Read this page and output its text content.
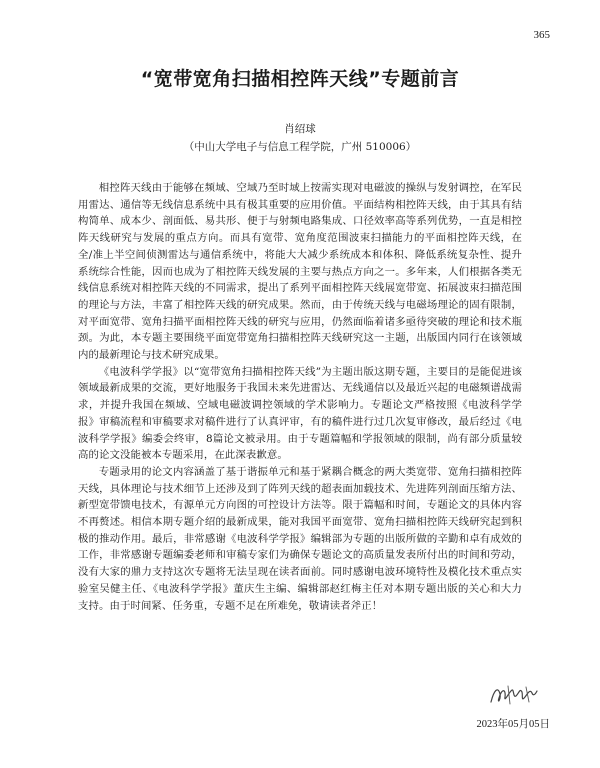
365
“宽带宽角扫描相控阵天线”专题前言
肖绍球
（中山大学电子与信息工程学院，广州 510006）

相控阵天线由于能够在频域、空域乃至时域上按需实现对电磁波的操纵与发射调控，在军民用雷达、通信等无线信息系统中具有极其重要的应用价值。平面结构相控阵天线，由于其具有结构简单、成本少、剖面低、易共形、便于与射频电路集成、口径效率高等系列优势，一直是相控阵天线研究与发展的重点方向。而具有宽带、宽角度范围波束扫描能力的平面相控阵天线，在全/准上半空间侦测雷达与通信系统中，将能大大减少系统成本和体积、降低系统复杂性、提升系统综合性能，因而也成为了相控阵天线发展的主要与热点方向之一。多年来，人们根据各类无线信息系统对相控阵天线的不同需求，提出了系列平面相控阵天线展宽带宽、拓展波束扫描范围的理论与方法，丰富了相控阵天线的研究成果。然而，由于传统天线与电磁场理论的固有限制，对平面宽带、宽角扫描平面相控阵天线的研究与应用，仍然面临着诸多亟待突破的理论和技术瓶颈。为此，本专题主要围绕平面宽带宽角扫描相控阵天线研究这一主题，出版国内同行在该领域内的最新理论与技术研究成果。

《电波科学学报》以“宽带宽角扫描相控阵天线”为主题出版这期专题，主要目的是能促进该领域最新成果的交流，更好地服务于我国未来先进雷达、无线通信以及最近兴起的电磁频谱战需求，并提升我国在频域、空域电磁波调控领域的学术影响力。专题论文严格按照《电波科学学报》审稿流程和审稿要求对稿件进行了认真评审，有的稿件进行过几次复审修改，最后经过《电波科学学报》编委会终审，8篇论文被录用。由于专题篇幅和学报领域的限制，尚有部分质量较高的论文没能被本专题采用，在此深表歉意。

专题录用的论文内容涵盖了基于谐振单元和基于紧耦合概念的两大类宽带、宽角扫描相控阵天线，具体理论与技术细节上还涉及到了阵列天线的超表面加载技术、先进阵列剖面压缩方法、新型宽带馈电技术，有源单元方向图的可控设计方法等。限于篇幅和时间，专题论文的具体内容不再赘述。相信本期专题介绍的最新成果，能对我国平面宽带、宽角扫描相控阵天线研究起到积极的推动作用。最后，非常感谢《电波科学学报》编辑部为专题的出版所做的辛勤和卓有成效的工作，非常感谢专题编委老师和审稿专家们为确保专题论文的高质量发表所付出的时间和劳动，没有大家的鼎力支持这次专题将无法呈现在读者面前。同时感谢电波环境特性及模化技术重点实验室吴健主任、《电波科学学报》董庆生主编、编辑部赵红梅主任对本期专题出版的关心和大力支持。由于时间紧、任务重，专题不足在所难免，敬请读者斧正！

2023年05月05日
